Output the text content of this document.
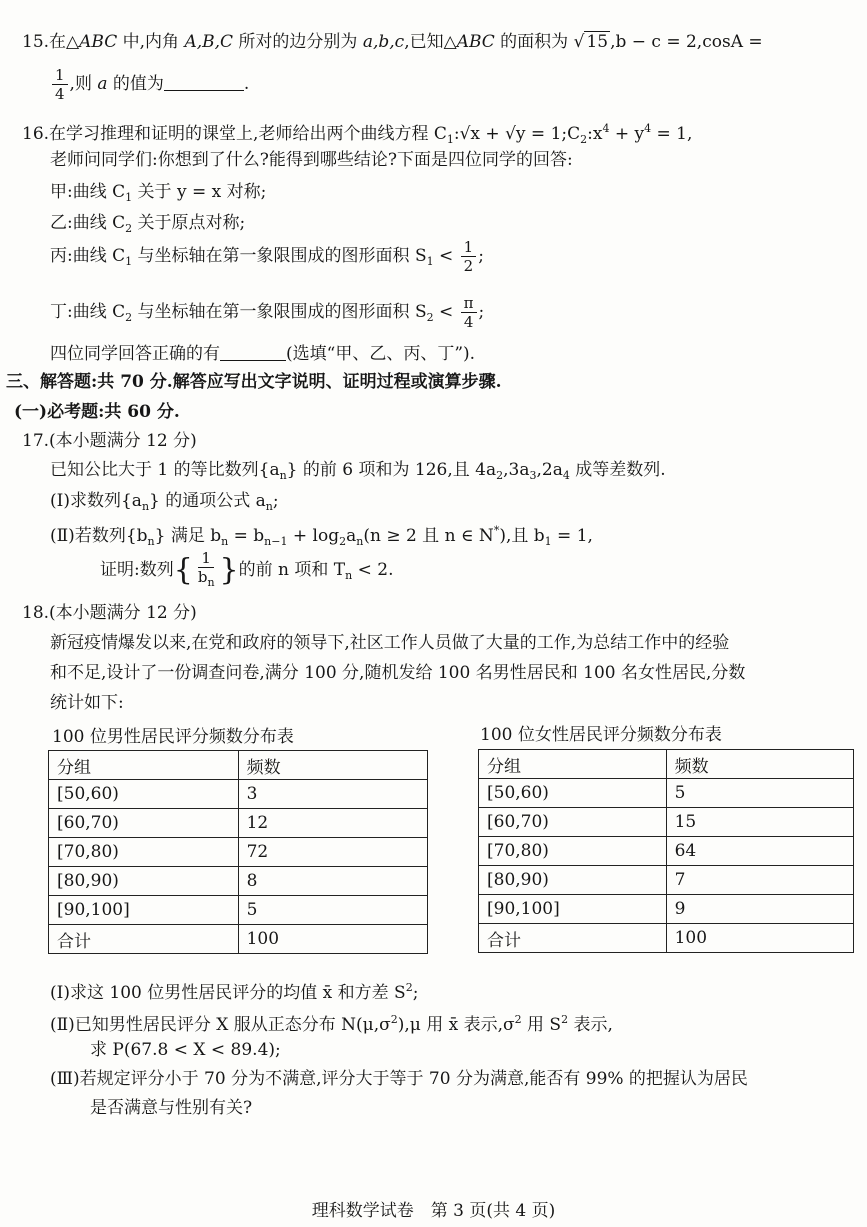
15.在△ABC 中,内角 A,B,C 所对的边分别为 a,b,c,已知△ABC 的面积为 √ 15 ,b − c = 2,cosA =
$\frac{1}{4}$ ,则 a 的值为	.
16.在学习推理和证明的课堂上,老师给出两个曲线方程 $C_1:√x + √y$ = $1;C_2:x^4 + y^4 = 1$,
老师问同学们:你想到了什么?能得到哪些结论?下面是四位同学的回答:
甲:曲线 $C_1$ 关于 y = x 对称;
乙:曲线 $C_2$ 关于原点对称;
丙:曲线 $C_1$ 与坐标轴在第一象限围成的图形面积 $S_1 < \frac{1}{2}$ ;
丁:曲线 $C_2$ 与坐标轴在第一象限围成的图形面积 $S_2 < \frac{\pi}{4}$ ;
四位同学回答正确的有	(选填“甲、乙、丙、丁”).
三、解答题:共 70 分.解答应写出文字说明、证明过程或演算步骤.
(一)必考题:共 60 分.
17.(本小题满分 12 分)
已知公比大于 1 的等比数列$\{a_n\}$ 的前 6 项和为 126,且 $4a_2,3a_3,2a_4$ 成等差数列.
(Ⅰ)求数列$\{a_n\}$ 的通项公式 $a_n$;
(Ⅱ)若数列$\{b_n\}$ 满足 $b_n = b_{n-1} + \log_2a_n(n \ge 2$ 且 n ∈ N*),且 $b_1 = 1$,
证明:数列{ $\frac{1}{b_n}$ }的前 n 项和 $T_n < 2$.
18.(本小题满分 12 分)
新冠疫情爆发以来,在党和政府的领导下,社区工作人员做了大量的工作,为总结工作中的经验
和不足,设计了一份调查问卷,满分 100 分,随机发给 100 名男性居民和 100 名女性居民,分数
统计如下:
100 位男性居民评分频数分布表	100 位女性居民评分频数分布表
分组	频数
[50,60)	3
[60,70)	12
[70,80)	72
[80,90)	8
[90,100]	5
合计	100
分组	频数
[50,60)	5
[60,70)	15
[70,80)	64
[80,90)	7
[90,100]	9
合计	100
(Ⅰ)求这 100 位男性居民评分的均值 x̄ 和方差 $S^2$;
(Ⅱ)已知男性居民评分 X 服从正态分布 $N(\mu,\sigma^2),\mu$ 用 x̄ 表示$,\sigma^2$ 用 $S^2$ 表示,
求 P(67.8 < X < 89.4);
(Ⅲ)若规定评分小于 70 分为不满意,评分大于等于 70 分为满意,能否有 99% 的把握认为居民
是否满意与性别有关?
理科数学试卷　第 3 页(共 4 页)
